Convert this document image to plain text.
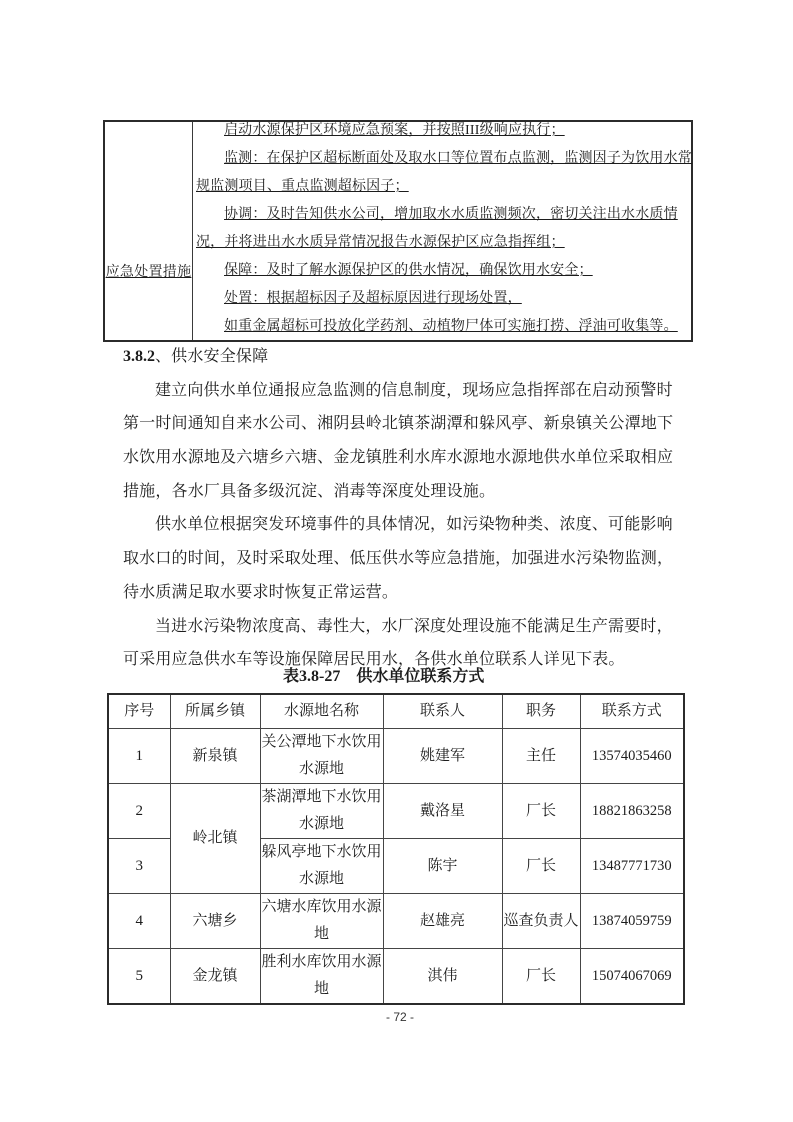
应急处置措施
启动水源保护区环境应急预案，并按照III级响应执行；
监测：在保护区超标断面处及取水口等位置布点监测，监测因子为饮用水常
规监测项目、重点监测超标因子；
协调：及时告知供水公司，增加取水水质监测频次，密切关注出水水质情
况，并将进出水水质异常情况报告水源保护区应急指挥组；
保障：及时了解水源保护区的供水情况，确保饮用水安全；
处置：根据超标因子及超标原因进行现场处置，
如重金属超标可投放化学药剂、动植物尸体可实施打捞、浮油可收集等。
3.8.2、供水安全保障
建立向供水单位通报应急监测的信息制度，现场应急指挥部在启动预警时
第一时间通知自来水公司、湘阴县岭北镇茶湖潭和躲风亭、新泉镇关公潭地下
水饮用水源地及六塘乡六塘、金龙镇胜利水库水源地水源地供水单位采取相应
措施，各水厂具备多级沉淀、消毒等深度处理设施。
供水单位根据突发环境事件的具体情况，如污染物种类、浓度、可能影响
取水口的时间，及时采取处理、低压供水等应急措施，加强进水污染物监测，
待水质满足取水要求时恢复正常运营。
当进水污染物浓度高、毒性大，水厂深度处理设施不能满足生产需要时，
可采用应急供水车等设施保障居民用水，各供水单位联系人详见下表。
表3.8-27 供水单位联系方式
序号	所属乡镇	水源地名称	联系人	职务	联系方式
1	新泉镇	关公潭地下水饮用水源地	姚建军	主任	13574035460
2	岭北镇	茶湖潭地下水饮用水源地	戴洛星	厂长	18821863258
3		躲风亭地下水饮用水源地	陈宇	厂长	13487771730
4	六塘乡	六塘水库饮用水源地	赵雄亮	巡查负责人	13874059759
5	金龙镇	胜利水库饮用水源地	淇伟	厂长	15074067069
- 72 -
